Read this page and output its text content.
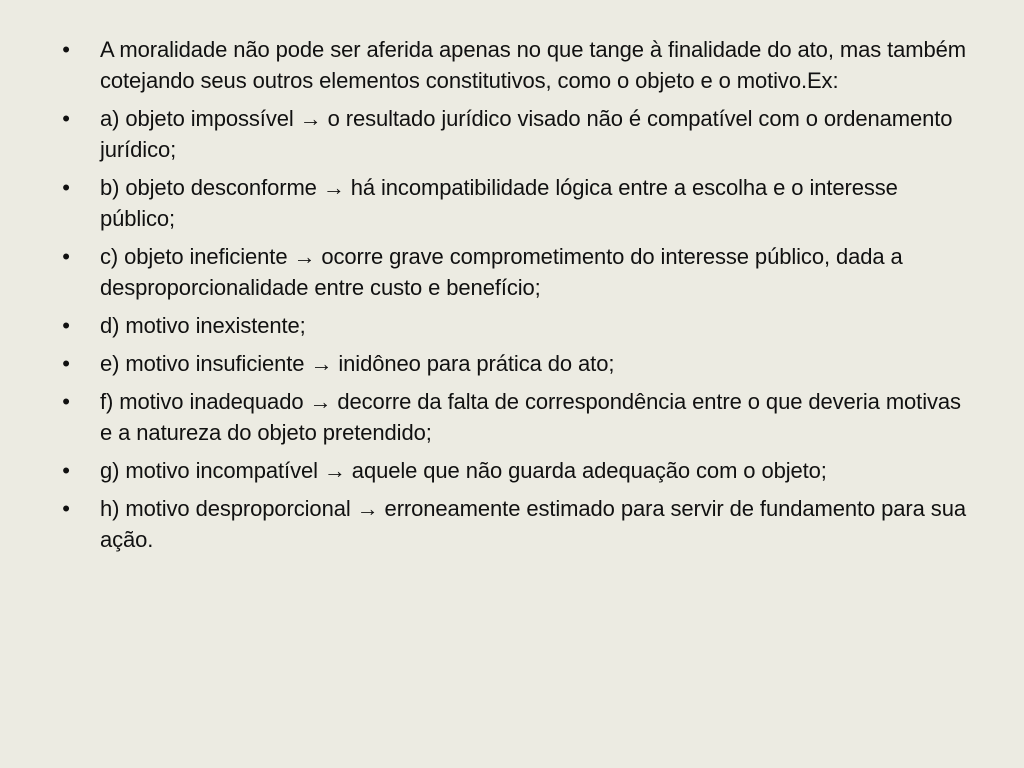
• A moralidade não pode ser aferida apenas no que tange à finalidade do ato, mas também cotejando seus outros elementos constitutivos, como o objeto e o motivo.Ex:
• a) objeto impossível → o resultado jurídico visado não é compatível com o ordenamento jurídico;
• b) objeto desconforme → há incompatibilidade lógica entre a escolha e o interesse público;
• c) objeto ineficiente → ocorre grave comprometimento do interesse público, dada a desproporcionalidade entre custo e benefício;
• d) motivo inexistente;
• e) motivo insuficiente → inidôneo para prática do ato;
• f) motivo inadequado → decorre da falta de correspondência entre o que deveria motivas e a natureza do objeto pretendido;
• g) motivo incompatível → aquele que não guarda adequação com o objeto;
• h) motivo desproporcional → erroneamente estimado para servir de fundamento para sua ação.
